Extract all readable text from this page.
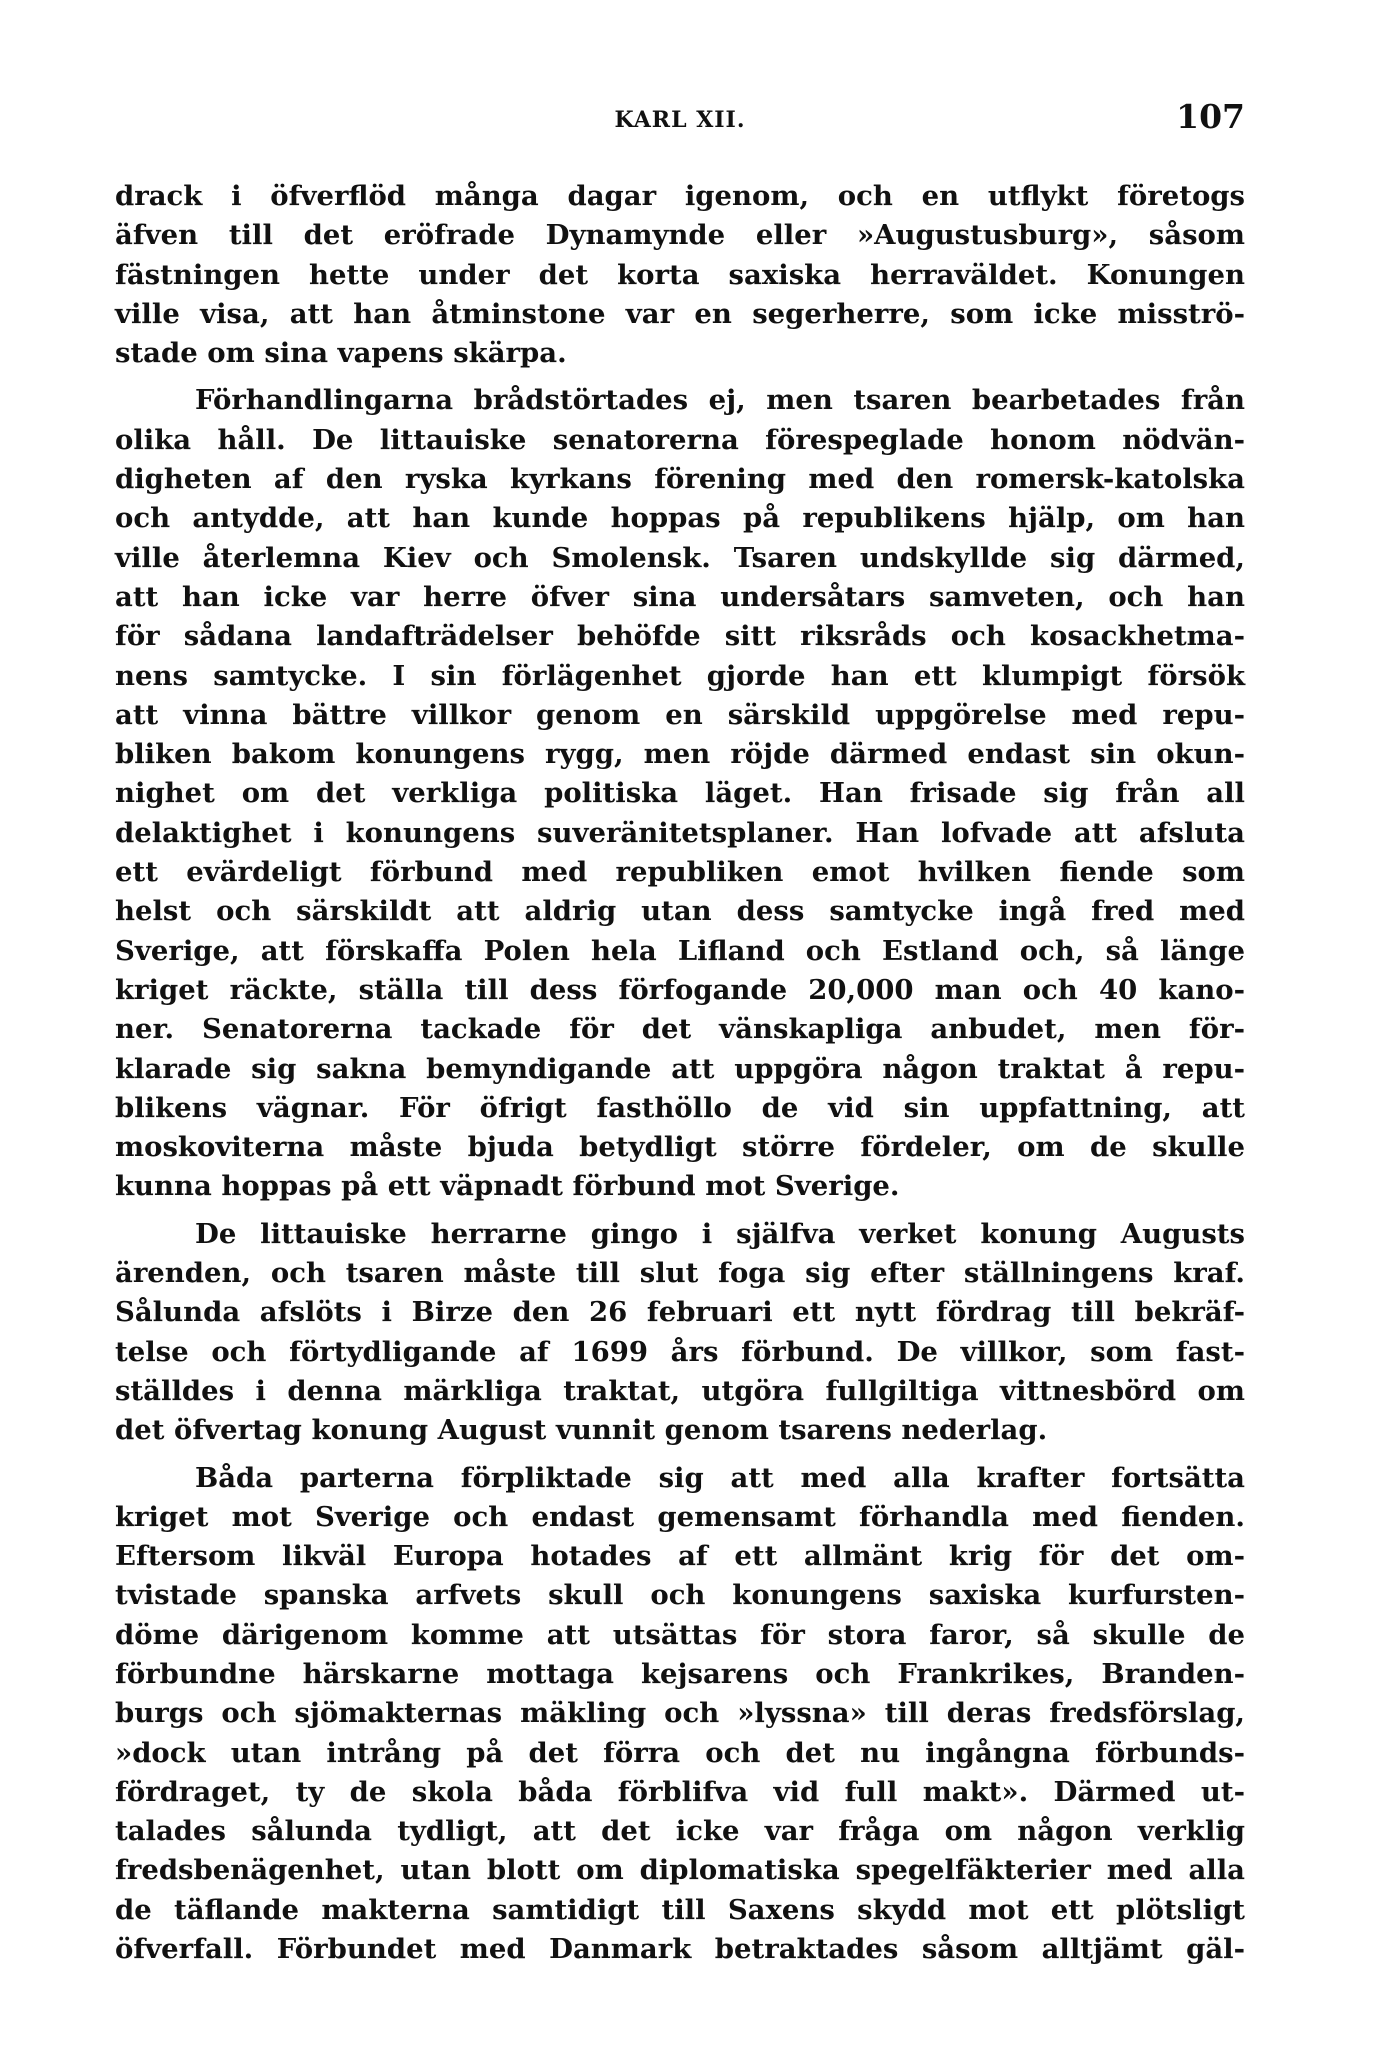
KARL XII.	107
drack i öfverflöd många dagar igenom, och en utflykt företogs
äfven till det eröfrade Dynamynde eller »Augustusburg», såsom
fästningen hette under det korta saxiska herraväldet. Konungen
ville visa, att han åtminstone var en segerherre, som icke misströ-
stade om sina vapens skärpa.
Förhandlingarna brådstörtades ej, men tsaren bearbetades från
olika håll. De littauiske senatorerna förespeglade honom nödvän-
digheten af den ryska kyrkans förening med den romersk-katolska
och antydde, att han kunde hoppas på republikens hjälp, om han
ville återlemna Kiev och Smolensk. Tsaren undskyllde sig därmed,
att han icke var herre öfver sina undersåtars samveten, och han
för sådana landafträdelser behöfde sitt riksråds och kosackhetma-
nens samtycke. I sin förlägenhet gjorde han ett klumpigt försök
att vinna bättre villkor genom en särskild uppgörelse med repu-
bliken bakom konungens rygg, men röjde därmed endast sin okun-
nighet om det verkliga politiska läget. Han frisade sig från all
delaktighet i konungens suveränitetsplaner. Han lofvade att afsluta
ett evärdeligt förbund med republiken emot hvilken fiende som
helst och särskildt att aldrig utan dess samtycke ingå fred med
Sverige, att förskaffa Polen hela Lifland och Estland och, så länge
kriget räckte, ställa till dess förfogande 20,000 man och 40 kano-
ner. Senatorerna tackade för det vänskapliga anbudet, men för-
klarade sig sakna bemyndigande att uppgöra någon traktat å repu-
blikens vägnar. För öfrigt fasthöllo de vid sin uppfattning, att
moskoviterna måste bjuda betydligt större fördeler, om de skulle
kunna hoppas på ett väpnadt förbund mot Sverige.
De littauiske herrarne gingo i själfva verket konung Augusts
ärenden, och tsaren måste till slut foga sig efter ställningens kraf.
Sålunda afslöts i Birze den 26 februari ett nytt fördrag till bekräf-
telse och förtydligande af 1699 års förbund. De villkor, som fast-
ställdes i denna märkliga traktat, utgöra fullgiltiga vittnesbörd om
det öfvertag konung August vunnit genom tsarens nederlag.
Båda parterna förpliktade sig att med alla krafter fortsätta
kriget mot Sverige och endast gemensamt förhandla med fienden.
Eftersom likväl Europa hotades af ett allmänt krig för det om-
tvistade spanska arfvets skull och konungens saxiska kurfursten-
döme därigenom komme att utsättas för stora faror, så skulle de
förbundne härskarne mottaga kejsarens och Frankrikes, Branden-
burgs och sjömakternas mäkling och »lyssna» till deras fredsförslag,
»dock utan intrång på det förra och det nu ingångna förbunds-
fördraget, ty de skola båda förblifva vid full makt». Därmed ut-
talades sålunda tydligt, att det icke var fråga om någon verklig
fredsbenägenhet, utan blott om diplomatiska spegelfäkterier med alla
de täflande makterna samtidigt till Saxens skydd mot ett plötsligt
öfverfall. Förbundet med Danmark betraktades såsom alltjämt gäl-
